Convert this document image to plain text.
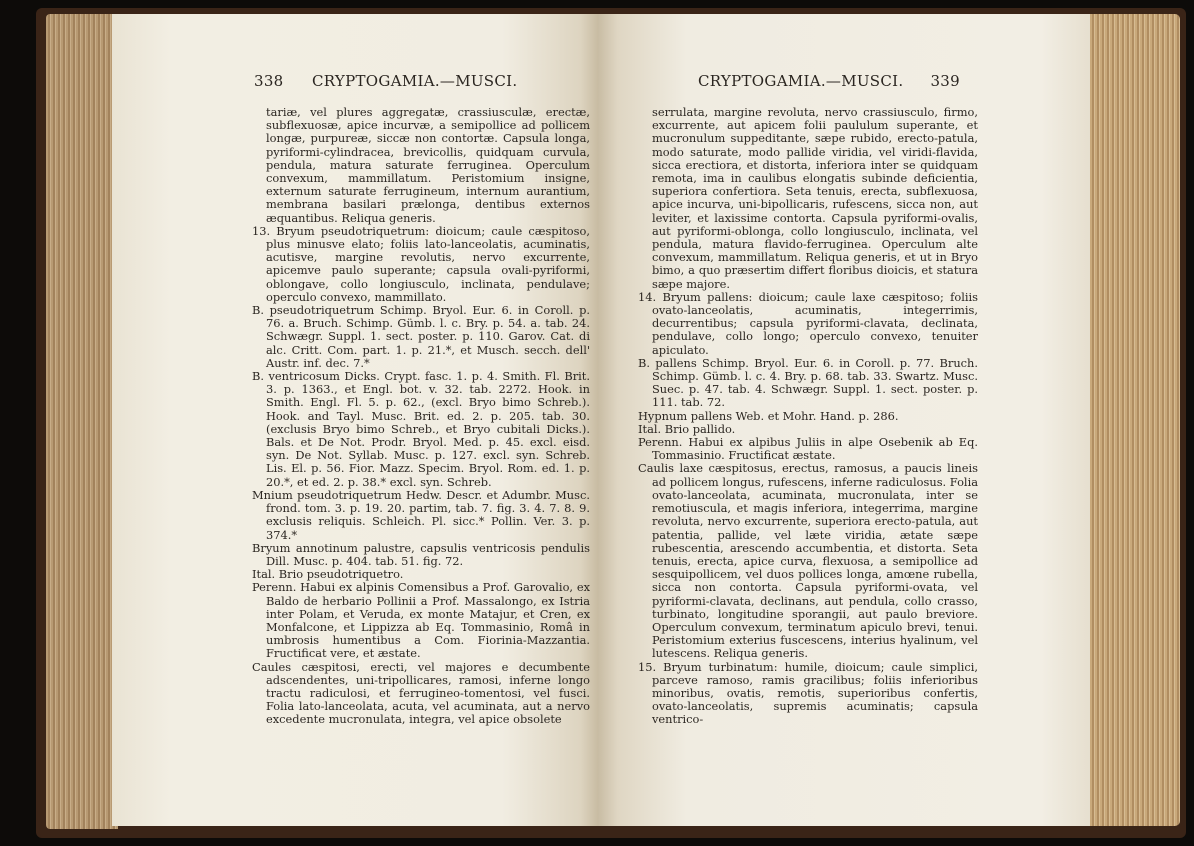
338 CRYPTOGAMIA.—MUSCI.

tariæ, vel plures aggregatæ, crassiusculæ, erectæ, subflexuosæ, apice incurvæ, a semipollice ad pollicem longæ, purpureæ, siccæ non contortæ. Capsula longa, pyriformi-cylindracea, brevicollis, quidquam curvula, pendula, matura saturate ferruginea. Operculum convexum, mammillatum. Peristomium insigne, externum saturate ferrugineum, internum aurantium, membrana basilari prælonga, dentibus externos æquantibus. Reliqua generis.

13. Bryum pseudotriquetrum: dioicum; caule cæspitoso, plus minusve elato; foliis lato-lanceolatis, acuminatis, acutisve, margine revolutis, nervo excurrente, apicemve paulo superante; capsula ovali-pyriformi, oblongave, collo longiusculo, inclinata, pendulave; operculo convexo, mammillato.

B. pseudotriquetrum Schimp. Bryol. Eur. 6. in Coroll. p. 76. a. Bruch. Schimp. Gümb. l. c. Bry. p. 54. a. tab. 24. Schwægr. Suppl. 1. sect. poster. p. 110. Garov. Cat. di alc. Critt. Com. part. 1. p. 21.*, et Musch. secch. dell' Austr. inf. dec. 7.*

B. ventricosum Dicks. Crypt. fasc. 1. p. 4. Smith. Fl. Brit. 3. p. 1363., et Engl. bot. v. 32. tab. 2272. Hook. in Smith. Engl. Fl. 5. p. 62., (excl. Bryo bimo Schreb.). Hook. and Tayl. Musc. Brit. ed. 2. p. 205. tab. 30. (exclusis Bryo bimo Schreb., et Bryo cubitali Dicks.). Bals. et De Not. Prodr. Bryol. Med. p. 45. excl. eisd. syn. De Not. Syllab. Musc. p. 127. excl. syn. Schreb. Lis. El. p. 56. Fior. Mazz. Specim. Bryol. Rom. ed. 1. p. 20.*, et ed. 2. p. 38.* excl. syn. Schreb.

Mnium pseudotriquetrum Hedw. Descr. et Adumbr. Musc. frond. tom. 3. p. 19. 20. partim, tab. 7. fig. 3. 4. 7. 8. 9. exclusis reliquis. Schleich. Pl. sicc.* Pollin. Ver. 3. p. 374.*

Bryum annotinum palustre, capsulis ventricosis pendulis Dill. Musc. p. 404. tab. 51. fig. 72.

Ital. Brio pseudotriquetro.

Perenn. Habui ex alpinis Comensibus a Prof. Garovalio, ex Baldo de herbario Pollinii a Prof. Massalongo, ex Istria inter Polam, et Veruda, ex monte Matajur, et Cren, ex Monfalcone, et Lippizza ab Eq. Tommasinio, Româ in umbrosis humentibus a Com. Fiorinia-Mazzantia. Fructificat vere, et æstate.

Caules cæspitosi, erecti, vel majores e decumbente adscendentes, uni-tripollicares, ramosi, inferne longo tractu radiculosi, et ferrugineo-tomentosi, vel fusci. Folia lato-lanceolata, acuta, vel acuminata, aut a nervo excedente mucronulata, integra, vel apice obsolete

CRYPTOGAMIA.—MUSCI. 339

serrulata, margine revoluta, nervo crassiusculo, firmo, excurrente, aut apicem folii paululum superante, et mucronulum suppeditante, sæpe rubido, erecto-patula, modo saturate, modo pallide viridia, vel viridi-flavida, sicca erectiora, et distorta, inferiora inter se quidquam remota, ima in caulibus elongatis subinde deficientia, superiora confertiora. Seta tenuis, erecta, subflexuosa, apice incurva, uni-bipollicaris, rufescens, sicca non, aut leviter, et laxissime contorta. Capsula pyriformi-ovalis, aut pyriformi-oblonga, collo longiusculo, inclinata, vel pendula, matura flavido-ferruginea. Operculum alte convexum, mammillatum. Reliqua generis, et ut in Bryo bimo, a quo præsertim differt floribus dioicis, et statura sæpe majore.

14. Bryum pallens: dioicum; caule laxe cæspitoso; foliis ovato-lanceolatis, acuminatis, integerrimis, decurrentibus; capsula pyriformi-clavata, declinata, pendulave, collo longo; operculo convexo, tenuiter apiculato.

B. pallens Schimp. Bryol. Eur. 6. in Coroll. p. 77. Bruch. Schimp. Gümb. l. c. 4. Bry. p. 68. tab. 33. Swartz. Musc. Suec. p. 47. tab. 4. Schwægr. Suppl. 1. sect. poster. p. 111. tab. 72.

Hypnum pallens Web. et Mohr. Hand. p. 286.

Ital. Brio pallido.

Perenn. Habui ex alpibus Juliis in alpe Osebenik ab Eq. Tommasinio. Fructificat æstate.

Caulis laxe cæspitosus, erectus, ramosus, a paucis lineis ad pollicem longus, rufescens, inferne radiculosus. Folia ovato-lanceolata, acuminata, mucronulata, inter se remotiuscula, et magis inferiora, integerrima, margine revoluta, nervo excurrente, superiora erecto-patula, aut patentia, pallide, vel læte viridia, ætate sæpe rubescentia, arescendo accumbentia, et distorta. Seta tenuis, erecta, apice curva, flexuosa, a semipollice ad sesquipollicem, vel duos pollices longa, amœne rubella, sicca non contorta. Capsula pyriformi-ovata, vel pyriformi-clavata, declinans, aut pendula, collo crasso, turbinato, longitudine sporangii, aut paulo breviore. Operculum convexum, terminatum apiculo brevi, tenui. Peristomium exterius fuscescens, interius hyalinum, vel lutescens. Reliqua generis.

15. Bryum turbinatum: humile, dioicum; caule simplici, parceve ramoso, ramis gracilibus; foliis inferioribus minoribus, ovatis, remotis, superioribus confertis, ovato-lanceolatis, supremis acuminatis; capsula ventrico-
